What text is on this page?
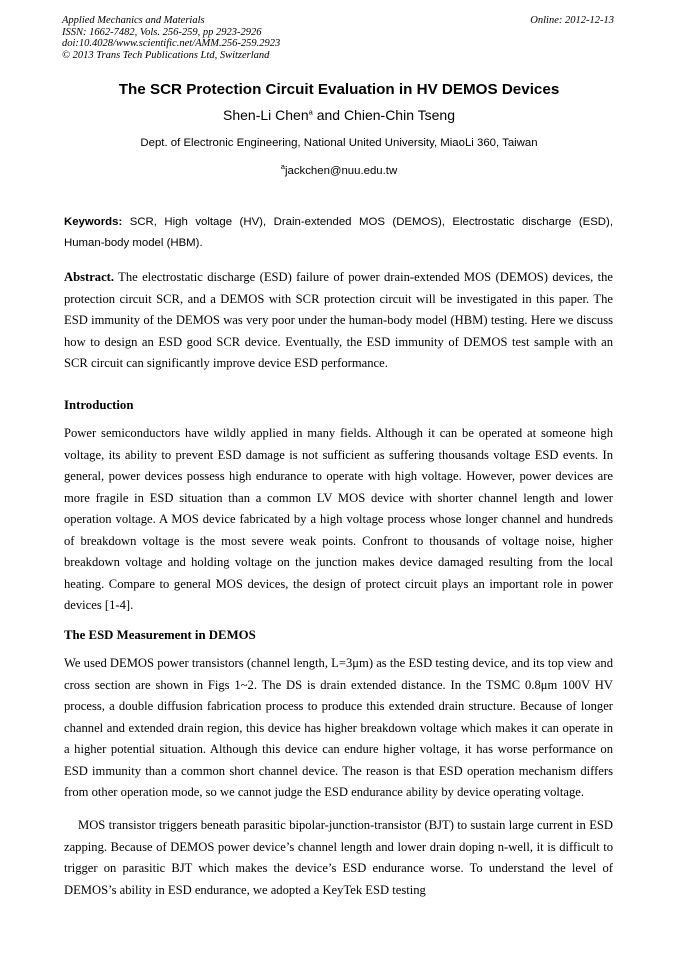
Applied Mechanics and Materials
ISSN: 1662-7482, Vols. 256-259, pp 2923-2926
doi:10.4028/www.scientific.net/AMM.256-259.2923
© 2013 Trans Tech Publications Ltd, Switzerland
Online: 2012-12-13
The SCR Protection Circuit Evaluation in HV DEMOS Devices
Shen-Li Chen$^a$ and Chien-Chin Tseng
Dept. of Electronic Engineering, National United University, MiaoLi 360, Taiwan
$^a$jackchen@nuu.edu.tw
Keywords: SCR, High voltage (HV), Drain-extended MOS (DEMOS), Electrostatic discharge (ESD), Human-body model (HBM).
Abstract. The electrostatic discharge (ESD) failure of power drain-extended MOS (DEMOS) devices, the protection circuit SCR, and a DEMOS with SCR protection circuit will be investigated in this paper. The ESD immunity of the DEMOS was very poor under the human-body model (HBM) testing. Here we discuss how to design an ESD good SCR device. Eventually, the ESD immunity of DEMOS test sample with an SCR circuit can significantly improve device ESD performance.
Introduction
Power semiconductors have wildly applied in many fields. Although it can be operated at someone high voltage, its ability to prevent ESD damage is not sufficient as suffering thousands voltage ESD events. In general, power devices possess high endurance to operate with high voltage. However, power devices are more fragile in ESD situation than a common LV MOS device with shorter channel length and lower operation voltage. A MOS device fabricated by a high voltage process whose longer channel and hundreds of breakdown voltage is the most severe weak points. Confront to thousands of voltage noise, higher breakdown voltage and holding voltage on the junction makes device damaged resulting from the local heating. Compare to general MOS devices, the design of protect circuit plays an important role in power devices [1-4].
The ESD Measurement in DEMOS
We used DEMOS power transistors (channel length, L=3μm) as the ESD testing device, and its top view and cross section are shown in Figs 1~2. The DS is drain extended distance. In the TSMC 0.8μm 100V HV process, a double diffusion fabrication process to produce this extended drain structure. Because of longer channel and extended drain region, this device has higher breakdown voltage which makes it can operate in a higher potential situation. Although this device can endure higher voltage, it has worse performance on ESD immunity than a common short channel device. The reason is that ESD operation mechanism differs from other operation mode, so we cannot judge the ESD endurance ability by device operating voltage.
MOS transistor triggers beneath parasitic bipolar-junction-transistor (BJT) to sustain large current in ESD zapping. Because of DEMOS power device’s channel length and lower drain doping n-well, it is difficult to trigger on parasitic BJT which makes the device’s ESD endurance worse. To understand the level of DEMOS’s ability in ESD endurance, we adopted a KeyTek ESD testing
